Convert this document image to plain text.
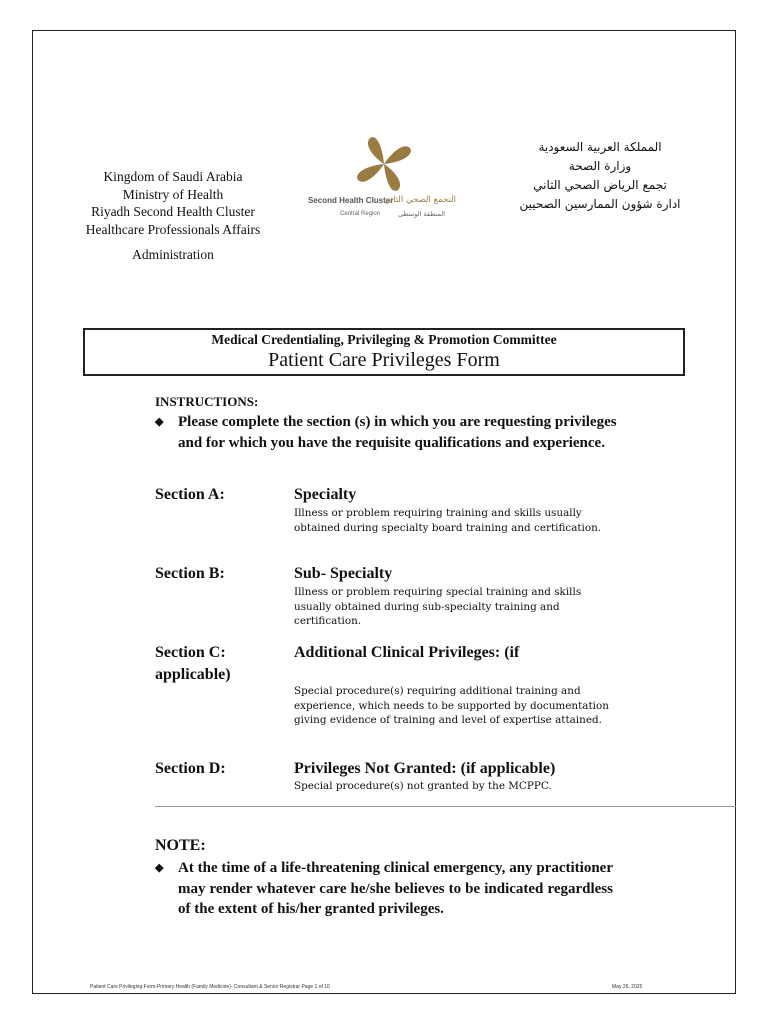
Kingdom of Saudi Arabia
Ministry of Health
Riyadh Second Health Cluster
Healthcare Professionals Affairs
Administration
Second Health Cluster
التجمع الصحي الثاني
Central Region	المنطقة الوسطى
المملكة العربية السعودية
وزارة الصحة
تجمع الرياض الصحي الثاني
ادارة شؤون الممارسين الصحيين
Medical Credentialing, Privileging & Promotion Committee
Patient Care Privileges Form
INSTRUCTIONS:
◆ Please complete the section (s) in which you are requesting privileges and for which you have the requisite qualifications and experience.
Section A:	Specialty
Illness or problem requiring training and skills usually obtained during specialty board training and certification.
Section B:	Sub- Specialty
Illness or problem requiring special training and skills usually obtained during sub-specialty training and certification.
Section C:	Additional Clinical Privileges: (if
applicable)
Special procedure(s) requiring additional training and experience, which needs to be supported by documentation giving evidence of training and level of expertise attained.
Section D:	Privileges Not Granted: (if applicable)
Special procedure(s) not granted by the MCPPC.
NOTE:
◆ At the time of a life-threatening clinical emergency, any practitioner may render whatever care he/she believes to be indicated regardless of the extent of his/her granted privileges.
Patient Care Privileging Form-Primary Health (Family Medicine)- Consultant & Senior Registrar Page 1 of 10	May 26, 2025
